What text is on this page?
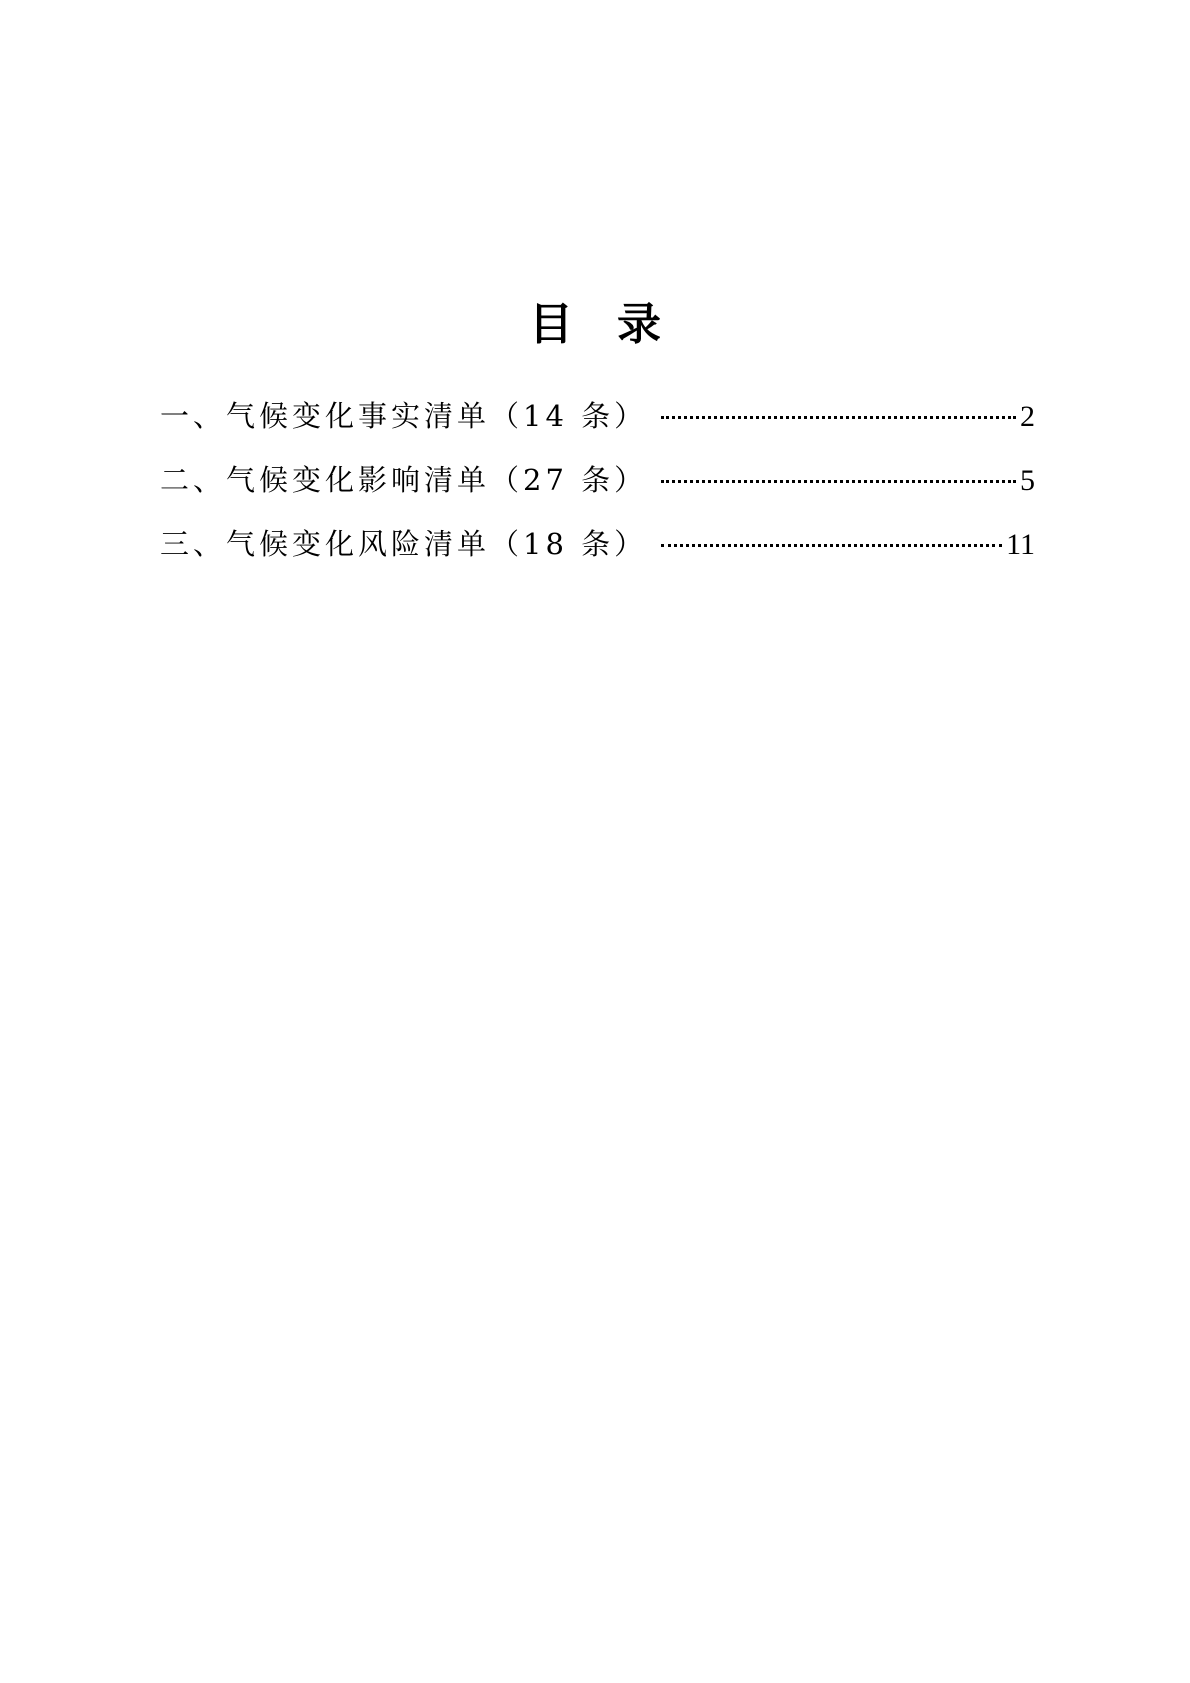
目 录
一、气候变化事实清单（14 条）	2
二、气候变化影响清单（27 条）	5
三、气候变化风险清单（18 条）	11
